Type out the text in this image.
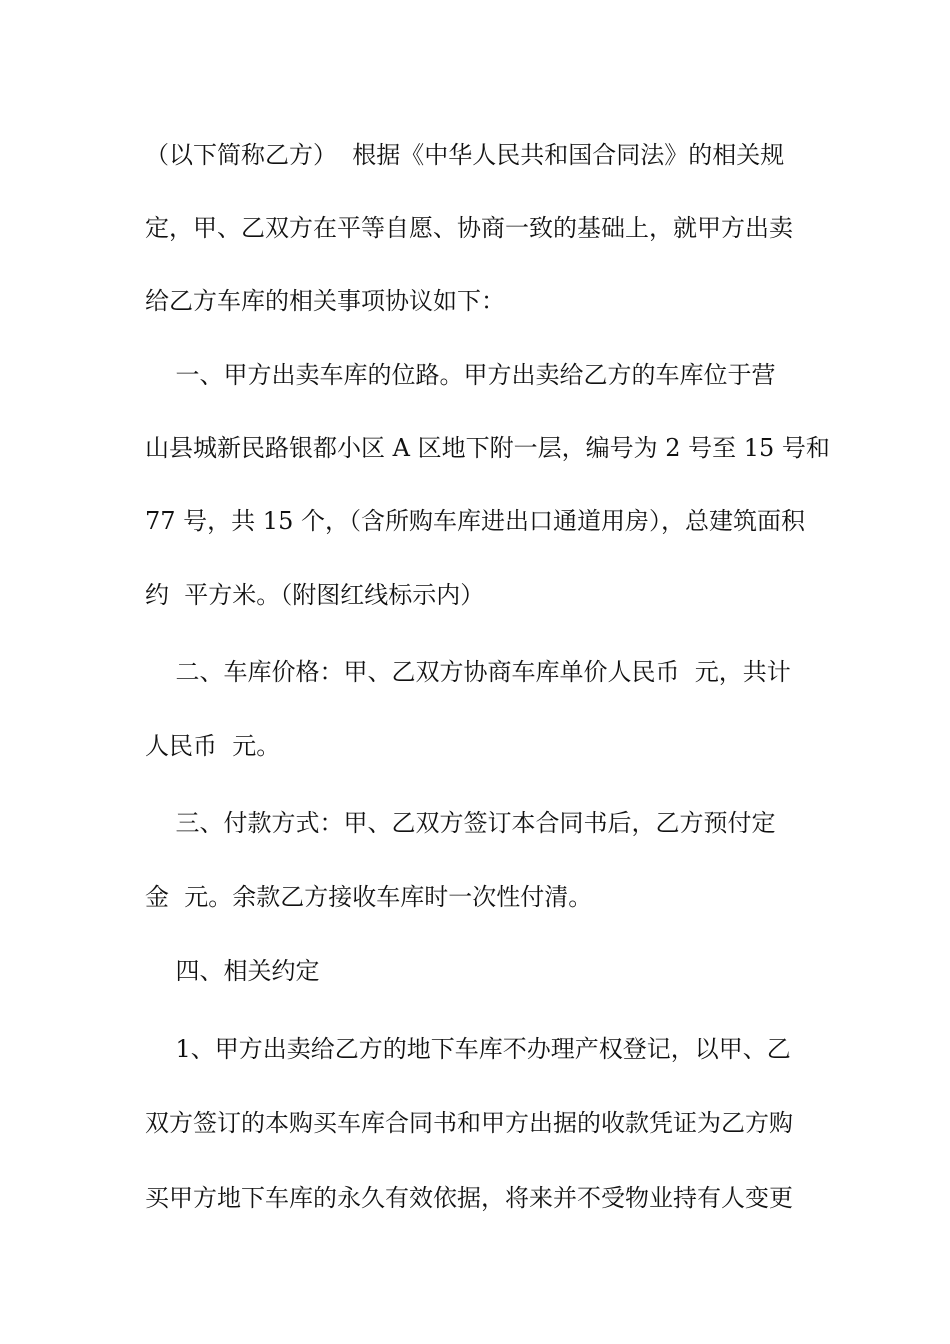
（以下简称乙方）  根据《中华人民共和国合同法》的相关规
定，甲、乙双方在平等自愿、协商一致的基础上，就甲方出卖
给乙方车库的相关事项协议如下：
一、甲方出卖车库的位路。甲方出卖给乙方的车库位于营
山县城新民路银都小区 A 区地下附一层，编号为 2 号至 15 号和
77 号，共 15 个，（含所购车库进出口通道用房），总建筑面积
约  平方米。（附图红线标示内）
二、车库价格：甲、乙双方协商车库单价人民币  元，共计
人民币  元。
三、付款方式：甲、乙双方签订本合同书后，乙方预付定
金  元。余款乙方接收车库时一次性付清。
四、相关约定
1、甲方出卖给乙方的地下车库不办理产权登记，以甲、乙
双方签订的本购买车库合同书和甲方出据的收款凭证为乙方购
买甲方地下车库的永久有效依据，将来并不受物业持有人变更
